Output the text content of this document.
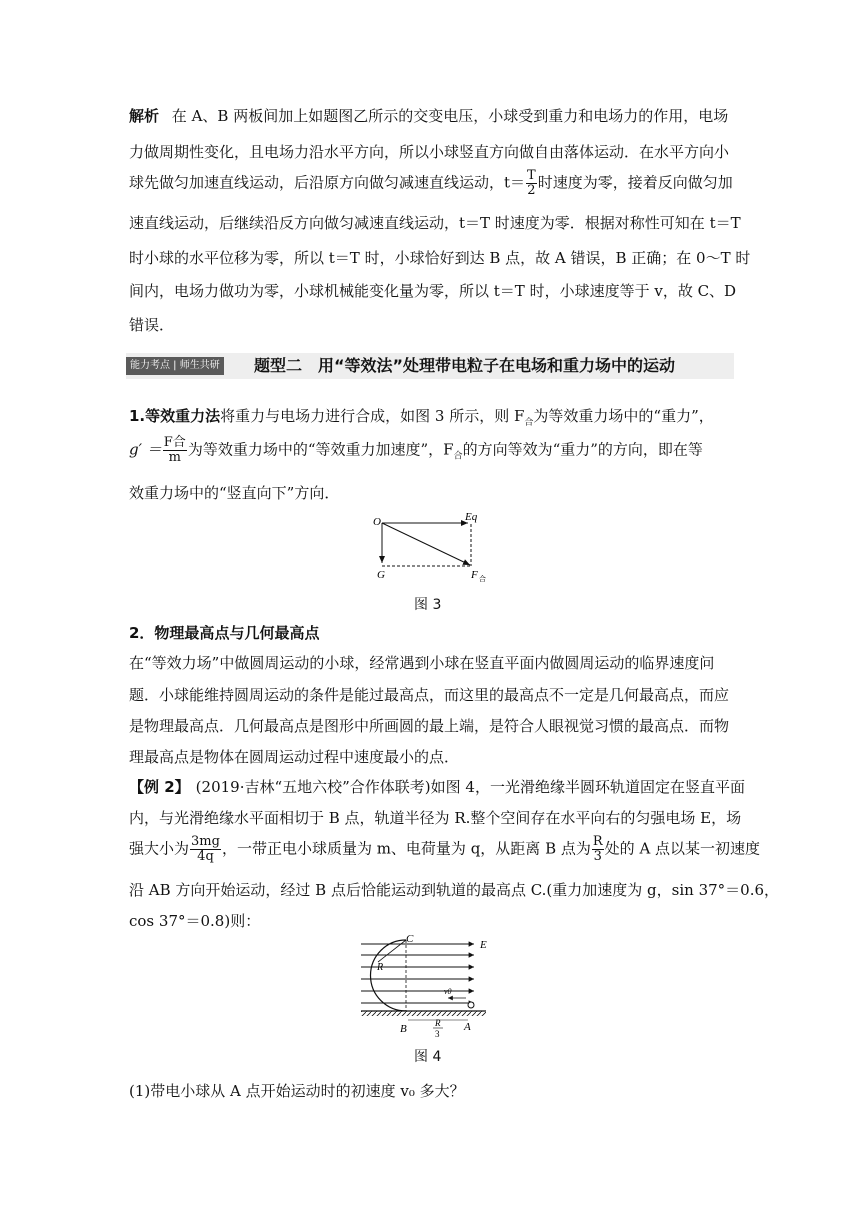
解析 在 A、B 两板间加上如题图乙所示的交变电压，小球受到重力和电场力的作用，电场
力做周期性变化，且电场力沿水平方向，所以小球竖直方向做自由落体运动．在水平方向小
球先做匀加速直线运动，后沿原方向做匀减速直线运动，$t= \frac{T}{2}$ 时速度为零，接着反向做匀加
速直线运动，后继续沿反方向做匀减速直线运动，t＝T 时速度为零．根据对称性可知在 t＝T
时小球的水平位移为零，所以 t＝T 时，小球恰好到达 B 点，故 A 错误，B 正确；在 0～T 时
间内，电场力做功为零，小球机械能变化量为零，所以 t＝T 时，小球速度等于 v，故 C、D
错误．
能力考点 | 师生共研 题型二　用“等效法”处理带电粒子在电场和重力场中的运动
1.等效重力法将重力与电场力进行合成，如图 3 所示，则 $F_合$为等效重力场中的“重力”，
$g' = \frac{\text{F合}}{m}$ 为等效重力场中的“等效重力加速度”，$F_合$的方向等效为“重力”的方向，即在等
效重力场中的“竖直向下”方向．
O	Eq
G	F 合
图 3
2．物理最高点与几何最高点
在“等效力场”中做圆周运动的小球，经常遇到小球在竖直平面内做圆周运动的临界速度问
题．小球能维持圆周运动的条件是能过最高点，而这里的最高点不一定是几何最高点，而应
是物理最高点．几何最高点是图形中所画圆的最上端，是符合人眼视觉习惯的最高点．而物
理最高点是物体在圆周运动过程中速度最小的点．
【例 2】 (2019·吉林“五地六校”合作体联考)如图 4，一光滑绝缘半圆环轨道固定在竖直平面
内，与光滑绝缘水平面相切于 B 点，轨道半径为 R.整个空间存在水平向右的匀强电场 E，场
强大小为 $\frac{3mg}{4q}$ ，一带正电小球质量为 m、电荷量为 q，从距离 B 点为 $\frac{R}{3}$ 处的 A 点以某一初速度
沿 AB 方向开始运动，经过 B 点后恰能运动到轨道的最高点 C.(重力加速度为 g，sin 37°＝0.6，
cos 37°＝0.8)则：
C	E
R
v0
B	A
R
3
图 4
(1)带电小球从 A 点开始运动时的初速度 v₀ 多大？
